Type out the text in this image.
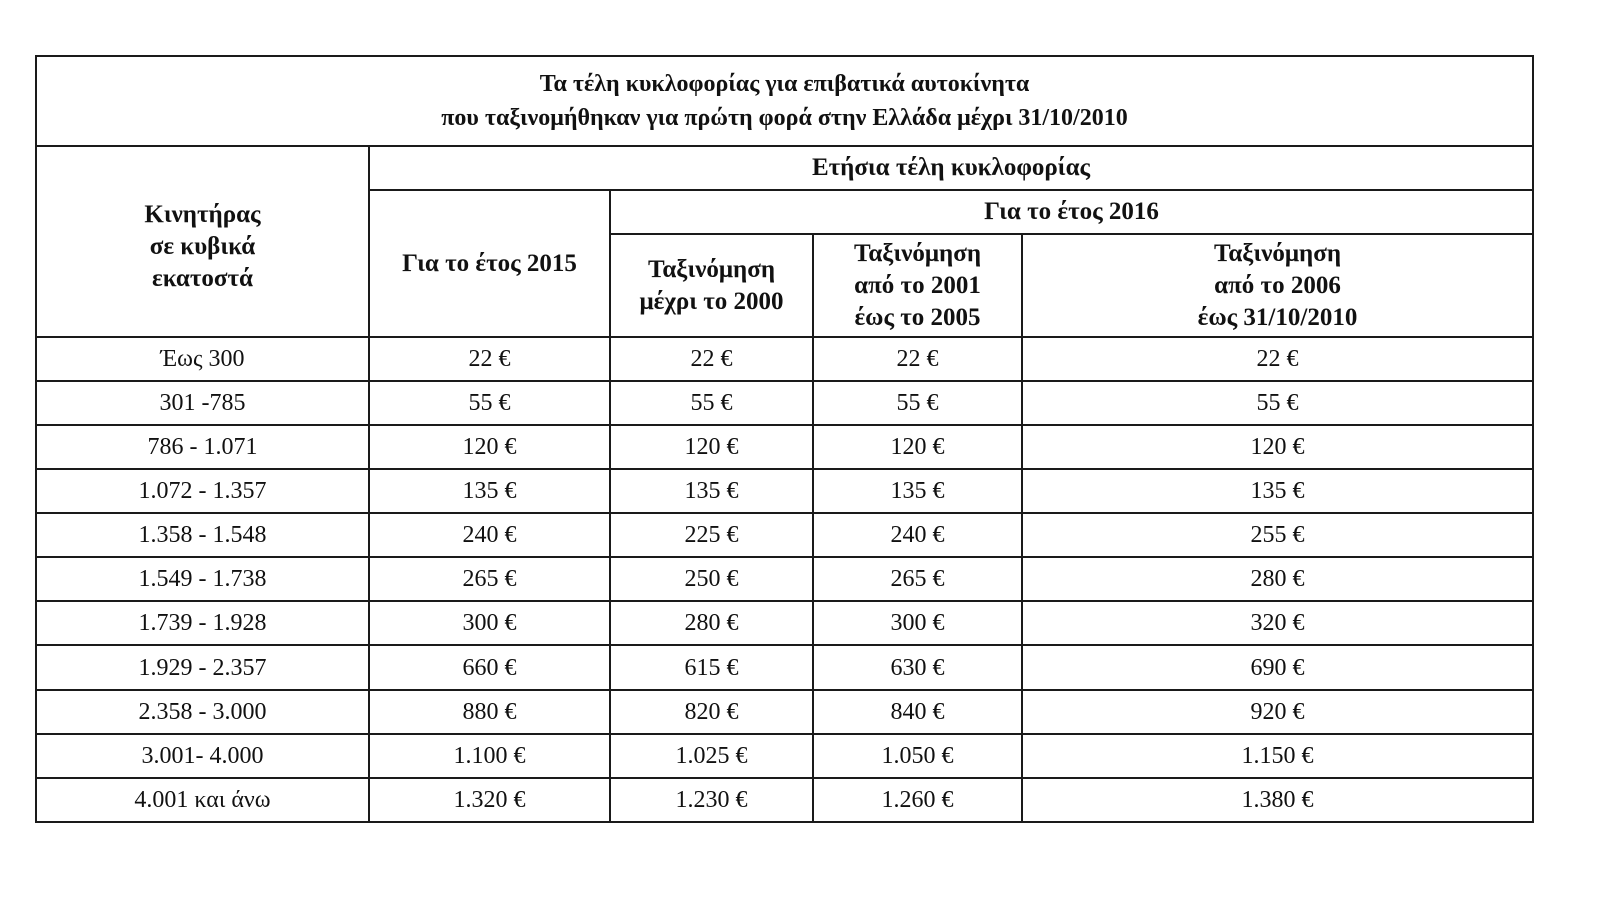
Τα τέλη κυκλοφορίας για επιβατικά αυτοκίνητα
που ταξινομήθηκαν για πρώτη φορά στην Ελλάδα μέχρι 31/10/2010				

Κινητήρας
σε κυβικά
εκατοστά	Ετήσια τέλη κυκλοφορίας			
	Για το έτος 2015	Για το έτος 2016		

		Ταξινόμηση
μέχρι το 2000	Ταξινόμηση
από το 2001
έως το 2005	Ταξινόμηση
από το 2006
έως 31/10/2010

Έως 300	22 €	22 €	22 €	22 €
301 -785	55 €	55 €	55 €	55 €
786 - 1.071	120 €	120 €	120 €	120 €
1.072 - 1.357	135 €	135 €	135 €	135 €
1.358 - 1.548	240 €	225 €	240 €	255 €
1.549 - 1.738	265 €	250 €	265 €	280 €
1.739 - 1.928	300 €	280 €	300 €	320 €
1.929 - 2.357	660 €	615 €	630 €	690 €
2.358 - 3.000	880 €	820 €	840 €	920 €
3.001- 4.000	1.100 €	1.025 €	1.050 €	1.150 €
4.001 και άνω	1.320 €	1.230 €	1.260 €	1.380 €
